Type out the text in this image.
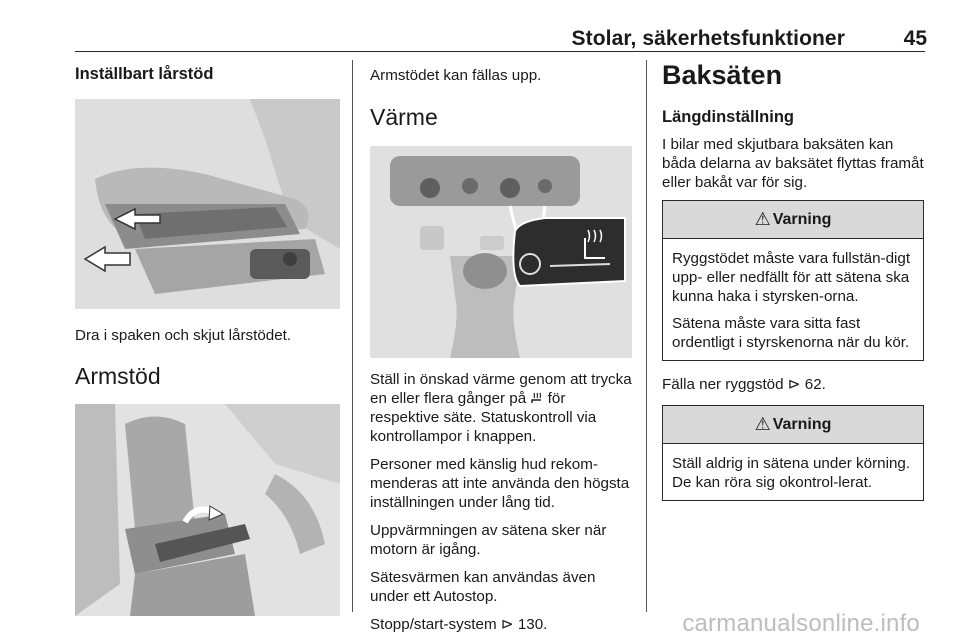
Stolar, säkerhetsfunktioner	45
Inställbart lårstöd

Dra i spaken och skjut lårstödet.

Armstöd

Armstödet kan fällas upp.

Värme

Ställ in önskad värme genom att trycka en eller flera gånger på för respektive säte. Statuskontroll via kontrollampor i knappen.

Personer med känslig hud rekom-menderas att inte använda den högsta inställningen under lång tid.

Uppvärmningen av sätena sker när motorn är igång.

Sätesvärmen kan användas även under ett Autostop.

Stopp/start-system ⊳ 130.

Baksäten
Längdinställning

I bilar med skjutbara baksäten kan båda delarna av baksätet flyttas framåt eller bakåt var för sig.

⚠ Varning

Ryggstödet måste vara fullstän-digt upp- eller nedfällt för att sätena ska kunna haka i styrsken-orna.

Sätena måste vara sitta fast ordentligt i styrskenorna när du kör.

Fälla ner ryggstöd ⊳ 62.

⚠ Varning

Ställ aldrig in sätena under körning. De kan röra sig okontrol-lerat.

carmanualsonline.info
